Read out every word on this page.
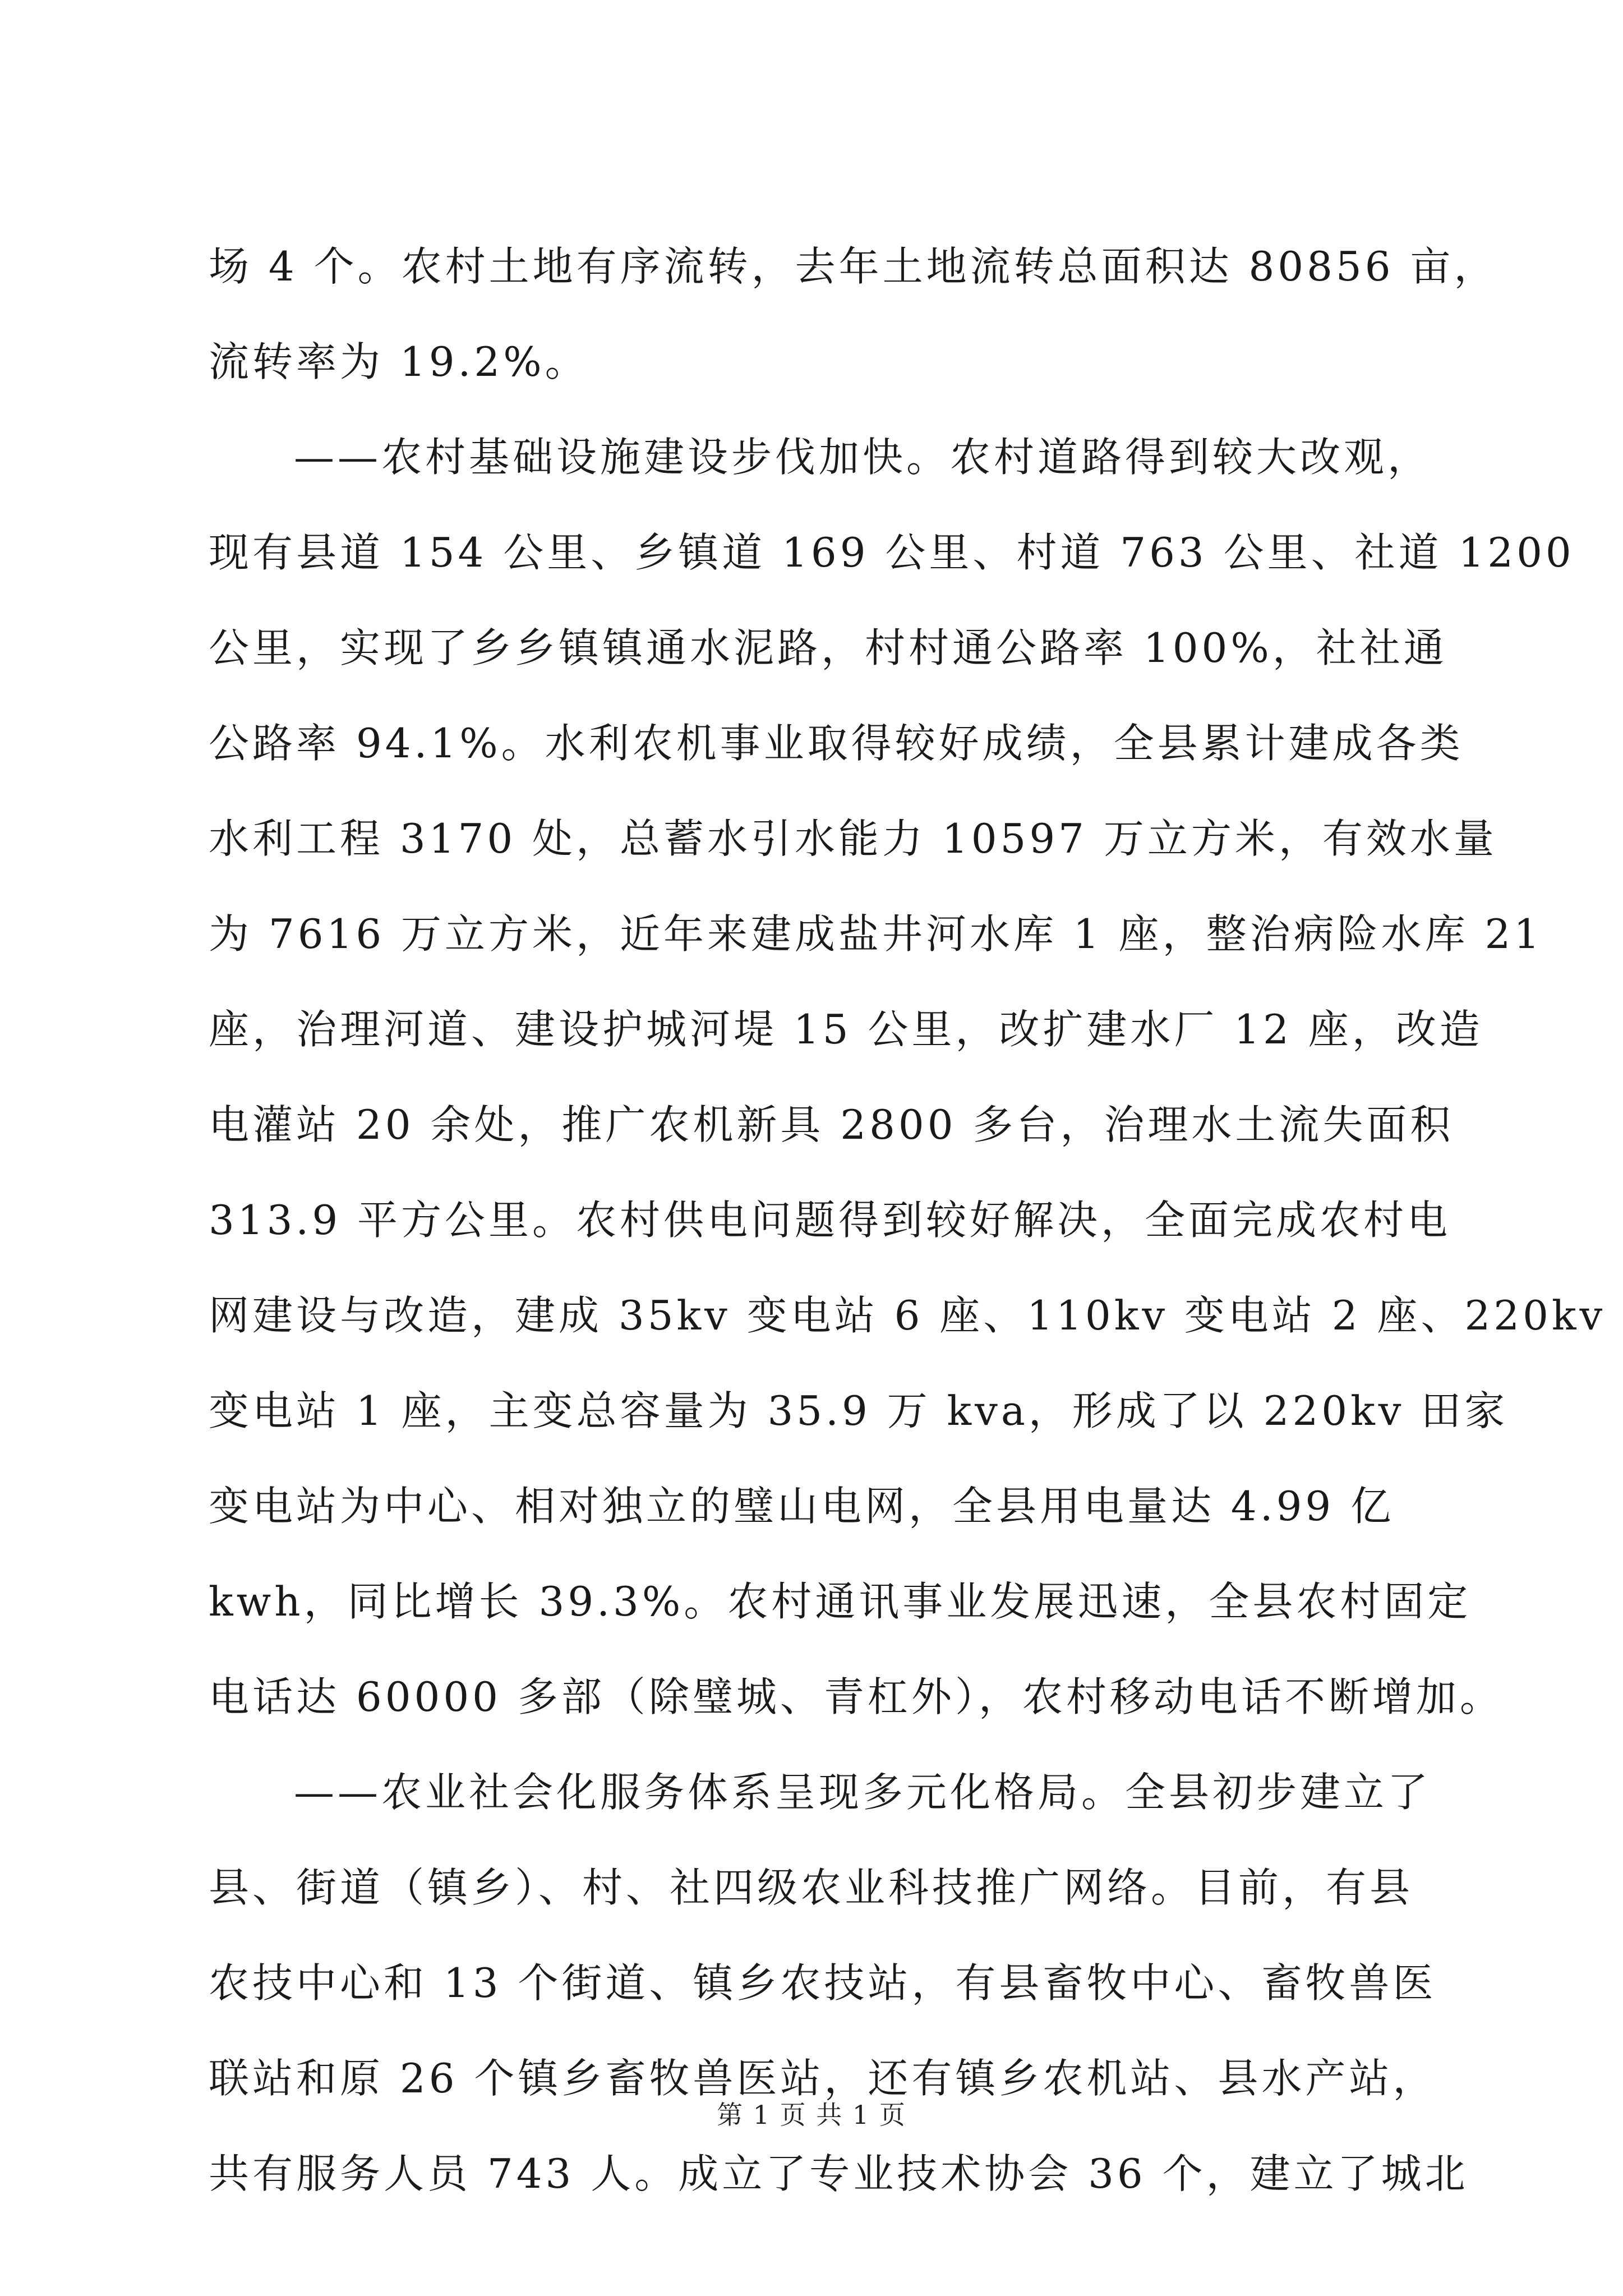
场 4 个。农村土地有序流转，去年土地流转总面积达 80856 亩，
流转率为 19.2%。
——农村基础设施建设步伐加快。农村道路得到较大改观，
现有县道 154 公里、乡镇道 169 公里、村道 763 公里、社道 1200
公里，实现了乡乡镇镇通水泥路，村村通公路率 100%，社社通
公路率 94.1%。水利农机事业取得较好成绩，全县累计建成各类
水利工程 3170 处，总蓄水引水能力 10597 万立方米，有效水量
为 7616 万立方米，近年来建成盐井河水库 1 座，整治病险水库 21
座，治理河道、建设护城河堤 15 公里，改扩建水厂 12 座，改造
电灌站 20 余处，推广农机新具 2800 多台，治理水土流失面积
313.9 平方公里。农村供电问题得到较好解决，全面完成农村电
网建设与改造，建成 35kv 变电站 6 座、110kv 变电站 2 座、220kv
变电站 1 座，主变总容量为 35.9 万 kva，形成了以 220kv 田家
变电站为中心、相对独立的璧山电网，全县用电量达 4.99 亿
kwh，同比增长 39.3%。农村通讯事业发展迅速，全县农村固定
电话达 60000 多部（除璧城、青杠外），农村移动电话不断增加。
——农业社会化服务体系呈现多元化格局。全县初步建立了
县、街道（镇乡）、村、社四级农业科技推广网络。目前，有县
农技中心和 13 个街道、镇乡农技站，有县畜牧中心、畜牧兽医
联站和原 26 个镇乡畜牧兽医站，还有镇乡农机站、县水产站，
共有服务人员 743 人。成立了专业技术协会 36 个，建立了城北
第 1 页 共 1 页
